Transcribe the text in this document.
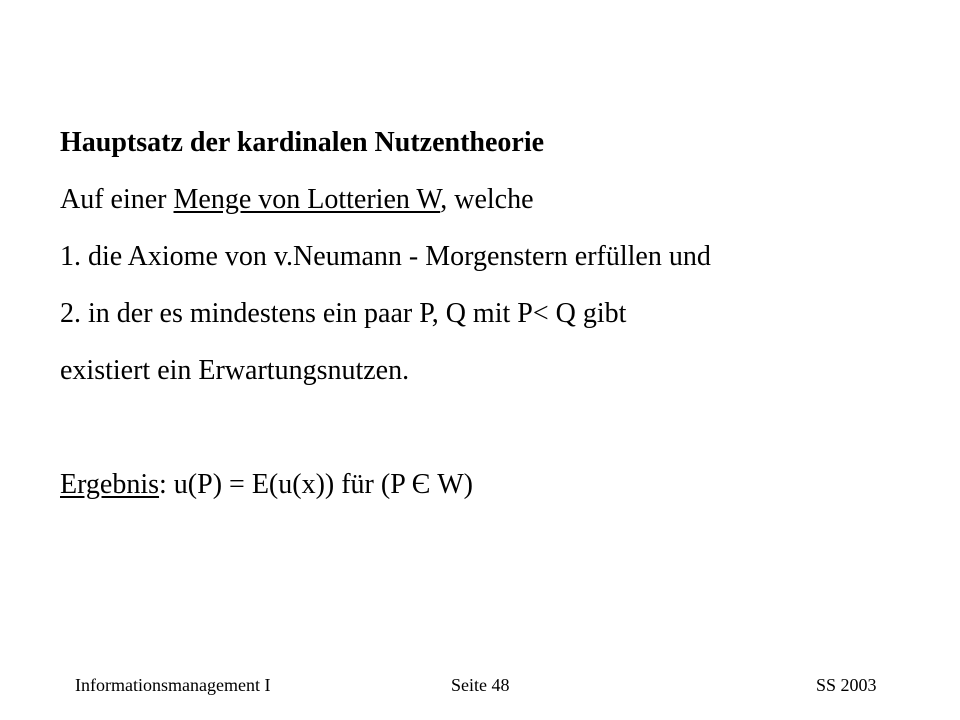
Hauptsatz der kardinalen Nutzentheorie
Auf einer Menge von Lotterien W, welche
1. die Axiome von v.Neumann - Morgenstern erfüllen und
2. in der es mindestens ein paar P, Q mit P< Q gibt
existiert ein Erwartungsnutzen.
Ergebnis: u(P) = E(u(x)) für (P Є W)
Informationsmanagement I	Seite 48	SS 2003
